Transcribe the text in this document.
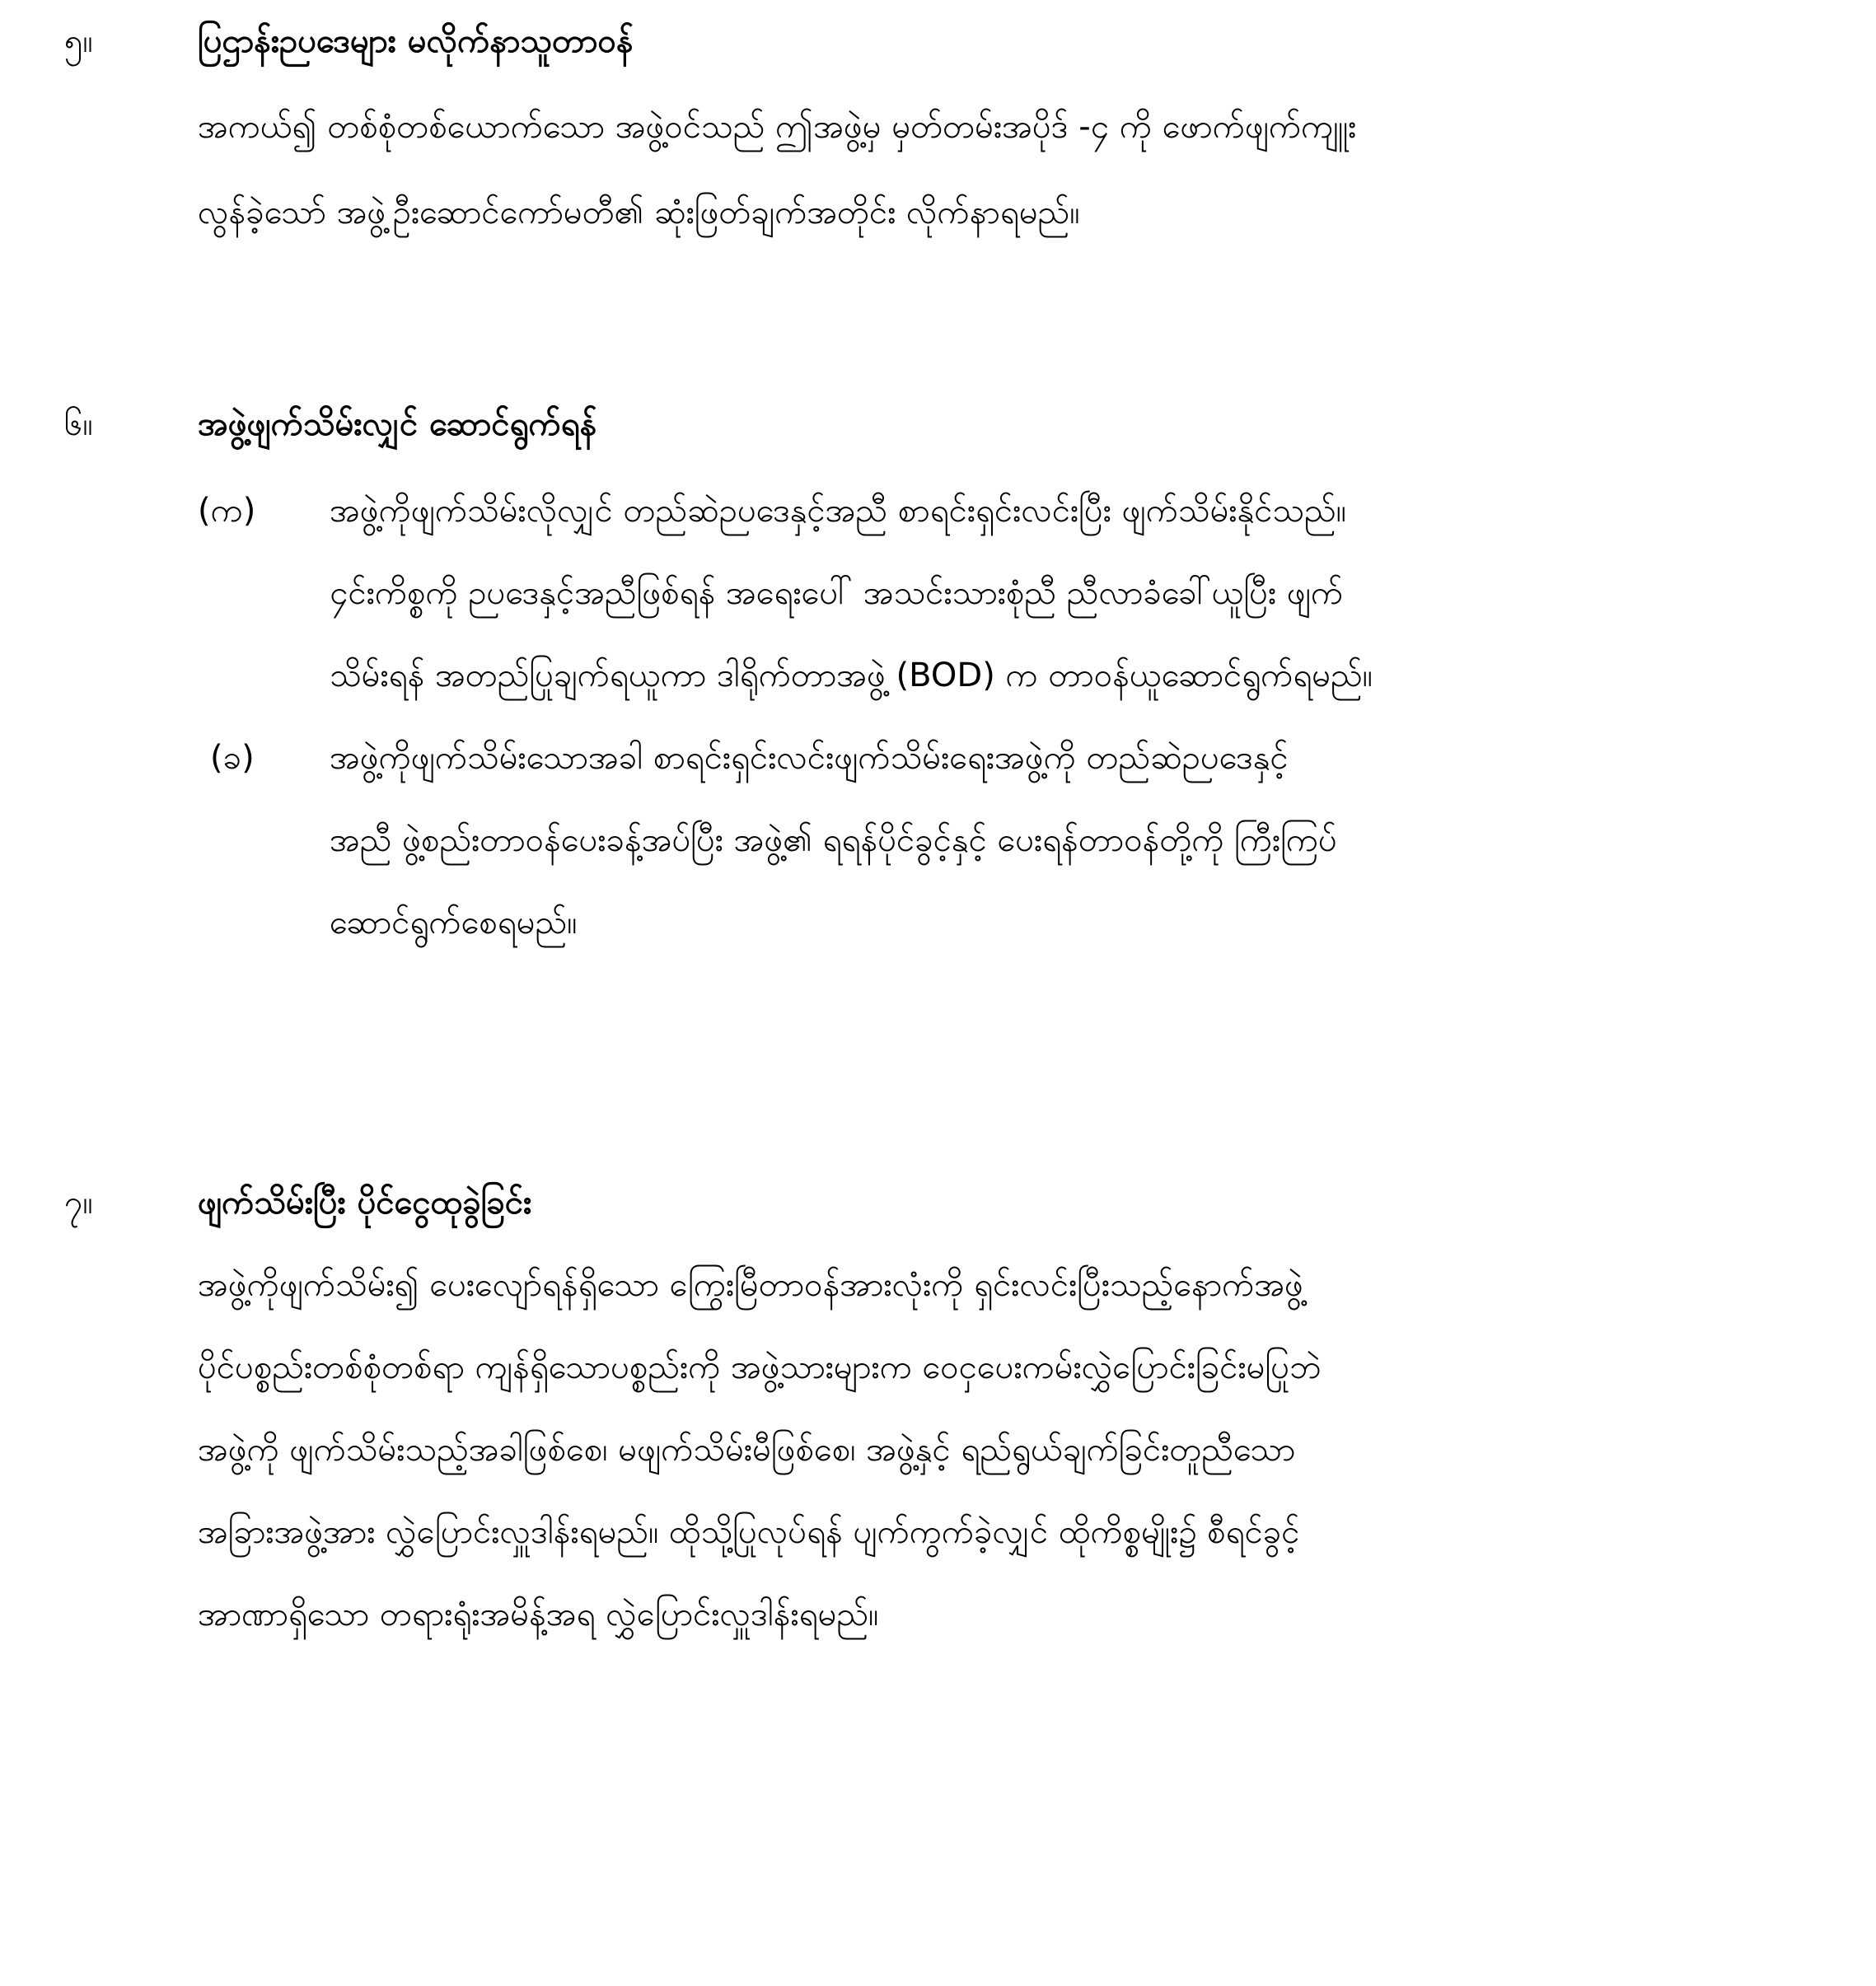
၅။	ပြဌာန်းဉပဒေများ မလိုက်နာသူတာဝန်
အကယ်၍ တစ်စုံတစ်ယောက်သော အဖွဲ့ဝင်သည် ဤအဖွဲ့မှ မှတ်တမ်းအပိုဒ် -၄ ကို ဖောက်ဖျက်ကျူး
လွန်ခဲ့သော် အဖွဲ့ဦးဆောင်ကော်မတီ၏ ဆုံးဖြတ်ချက်အတိုင်း လိုက်နာရမည်။
၆။	အဖွဲ့ဖျက်သိမ်းလျှင် ဆောင်ရွက်ရန်
(က) အဖွဲ့ကိုဖျက်သိမ်းလိုလျှင် တည်ဆဲဉပဒေနှင့်အညီ စာရင်းရှင်းလင်းပြီး ဖျက်သိမ်းနိုင်သည်။
၄င်းကိစ္စကို ဉပဒေနှင့်အညီဖြစ်ရန် အရေးပေါ် အသင်းသားစုံညီ ညီလာခံခေါ်ယူပြီး ဖျက်
သိမ်းရန် အတည်ပြုချက်ရယူကာ ဒါရိုက်တာအဖွဲ့ (BOD) က တာဝန်ယူဆောင်ရွက်ရမည်။
(ခ) အဖွဲ့ကိုဖျက်သိမ်းသောအခါ စာရင်းရှင်းလင်းဖျက်သိမ်းရေးအဖွဲ့ကို တည်ဆဲဉပဒေနှင့်
အညီ ဖွဲ့စည်းတာဝန်ပေးခန့်အပ်ပြီး အဖွဲ့၏ ရရန်ပိုင်ခွင့်နှင့် ပေးရန်တာဝန်တို့ကို ကြီးကြပ်
ဆောင်ရွက်စေရမည်။
၇။	ဖျက်သိမ်းပြီး ပိုင်ငွေထုခွဲခြင်း
အဖွဲ့ကိုဖျက်သိမ်း၍ ပေးလျော်ရန်ရှိသော ကြွေးမြီတာဝန်အားလုံးကို ရှင်းလင်းပြီးသည့်နောက်အဖွဲ့
ပိုင်ပစ္စည်းတစ်စုံတစ်ရာ ကျန်ရှိသောပစ္စည်းကို အဖွဲ့သားများက ဝေငှပေးကမ်းလွှဲပြောင်းခြင်းမပြုဘဲ
အဖွဲ့ကို ဖျက်သိမ်းသည့်အခါဖြစ်စေ၊ မဖျက်သိမ်းမီဖြစ်စေ၊ အဖွဲ့နှင့် ရည်ရွယ်ချက်ခြင်းတူညီသော
အခြားအဖွဲ့အား လွှဲပြောင်းလှူဒါန်းရမည်။ ထိုသို့ပြုလုပ်ရန် ပျက်ကွက်ခဲ့လျှင် ထိုကိစ္စမျိုး၌ စီရင်ခွင့်
အာဏာရှိသော တရားရုံးအမိန့်အရ လွှဲပြောင်းလှူဒါန်းရမည်။
